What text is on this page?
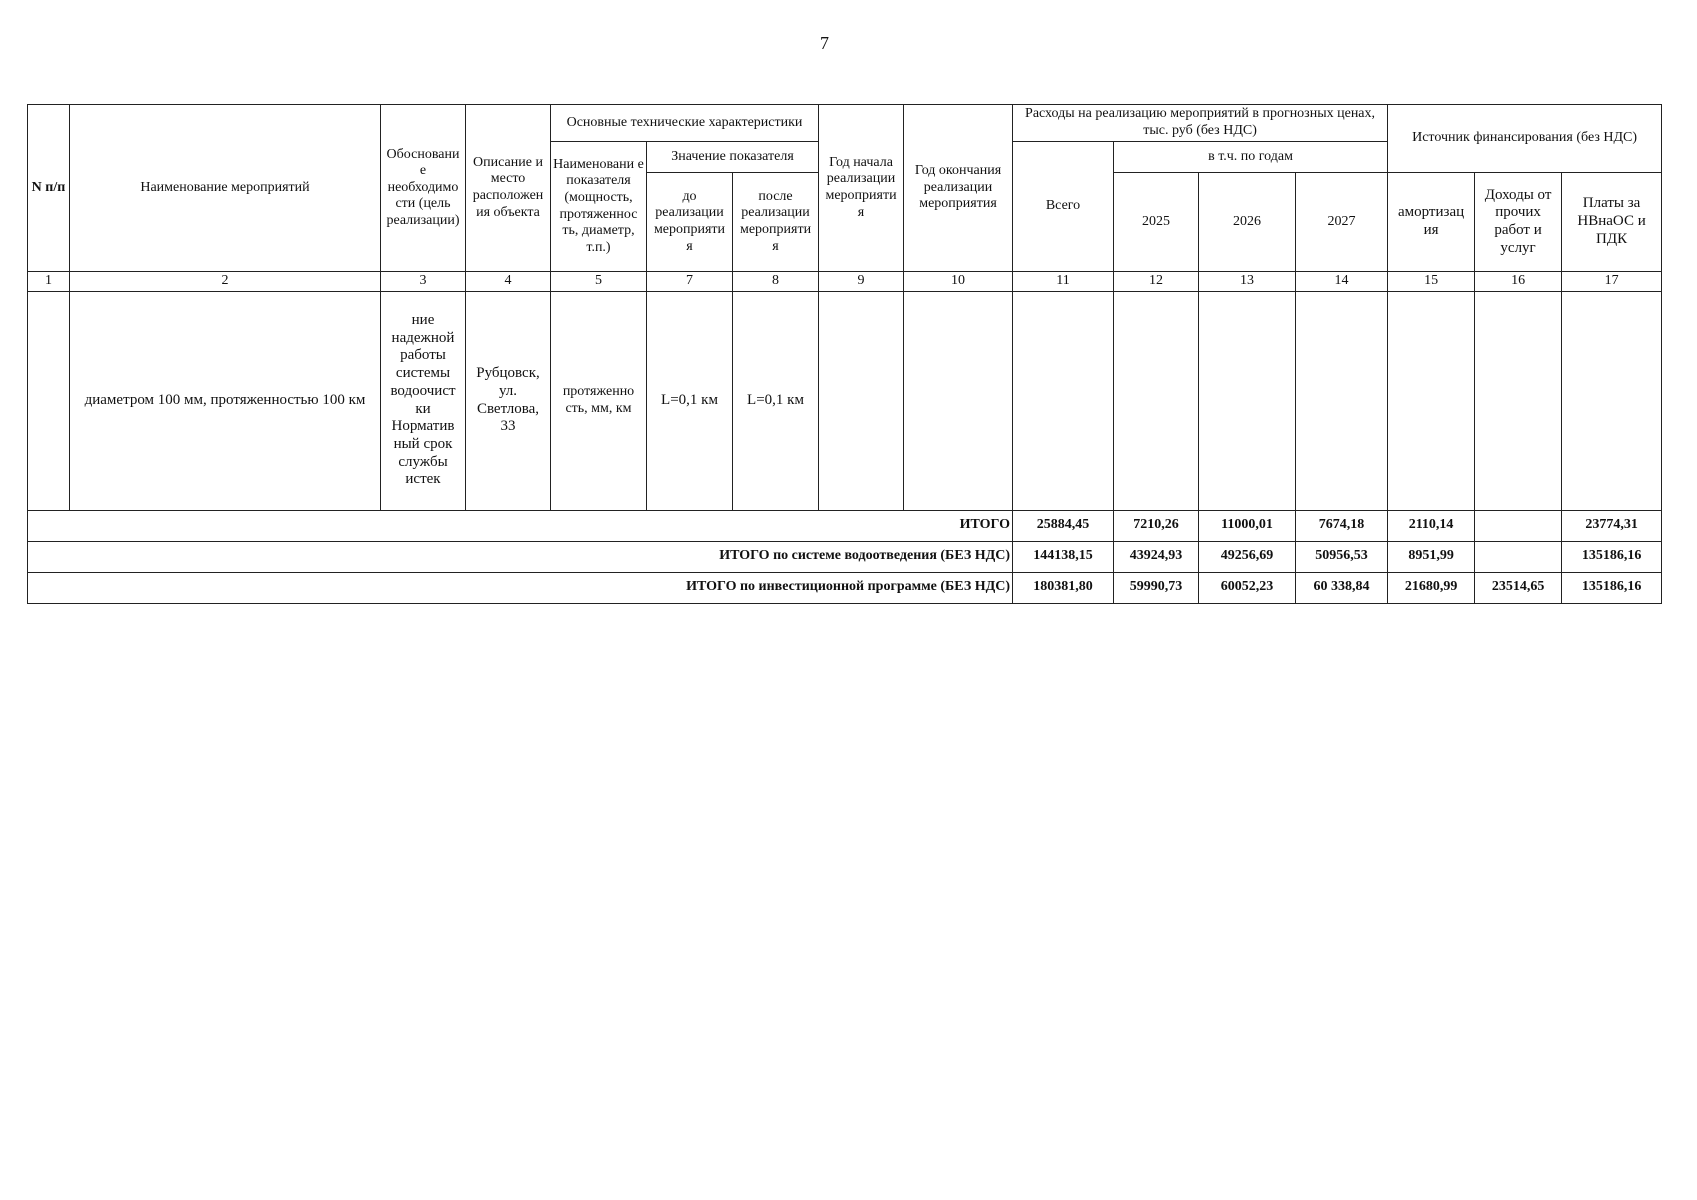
7
N п/п	Наименование мероприятий	Обосновани е необходимо сти (цель реализации)	Описание и место расположен ия объекта	Основные технические характеристики			Год начала реализации мероприяти я	Год окончания реализации мероприятия	Расходы на реализацию мероприятий в прогнозных ценах, тыс. руб (без НДС)				Источник финансирования (без НДС)		
				Наименовани е показателя (мощность, протяженнос ть, диаметр, т.п.)	Значение показателя				Всего	в т.ч. по годам					
					до реализации мероприяти я	после реализации мероприяти я				2025	2026	2027	амортизац ия	Доходы от прочих работ и услуг	Платы за НВнаОС и ПДК
1	2	3	4	5	7	8	9	10	11	12	13	14	15	16	17
	диаметром 100 мм, протяженностью 100 км	ние надежной работы системы водоочист ки Норматив ный срок службы истек	Рубцовск, ул. Светлова, 33	протяженно сть, мм, км	L=0,1 км	L=0,1 км									
ИТОГО									25884,45	7210,26	11000,01	7674,18	2110,14		23774,31
ИТОГО по системе водоотведения (БЕЗ НДС)									144138,15	43924,93	49256,69	50956,53	8951,99		135186,16
ИТОГО по инвестиционной программе (БЕЗ НДС)									180381,80	59990,73	60052,23	60 338,84	21680,99	23514,65	135186,16
